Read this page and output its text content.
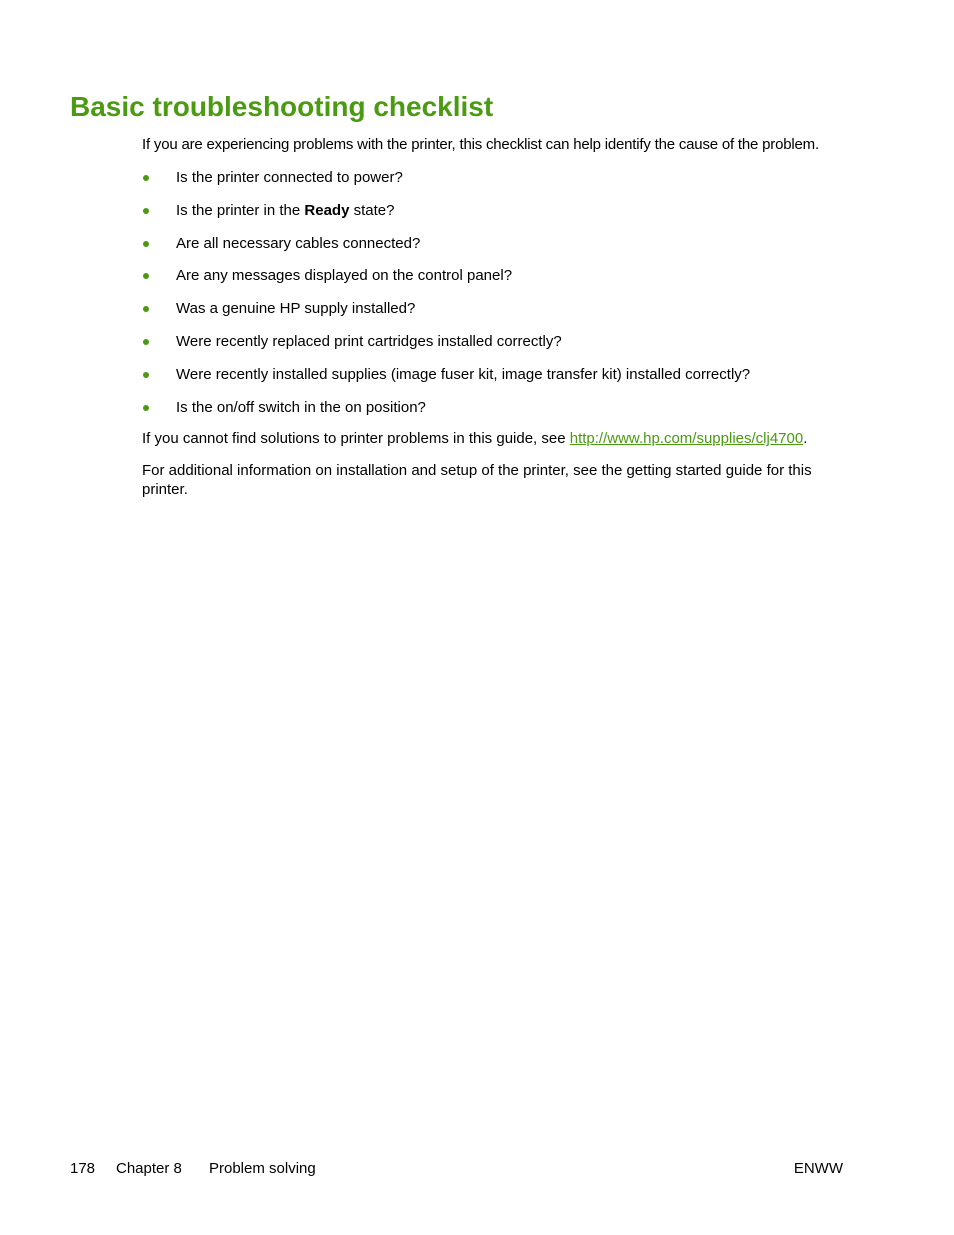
Basic troubleshooting checklist

If you are experiencing problems with the printer, this checklist can help identify the cause of the problem.

Is the printer connected to power?
Is the printer in the Ready state?
Are all necessary cables connected?
Are any messages displayed on the control panel?
Was a genuine HP supply installed?
Were recently replaced print cartridges installed correctly?
Were recently installed supplies (image fuser kit, image transfer kit) installed correctly?
Is the on/off switch in the on position?

If you cannot find solutions to printer problems in this guide, see http://www.hp.com/supplies/clj4700.

For additional information on installation and setup of the printer, see the getting started guide for this printer.

178 Chapter 8 Problem solving	ENWW
